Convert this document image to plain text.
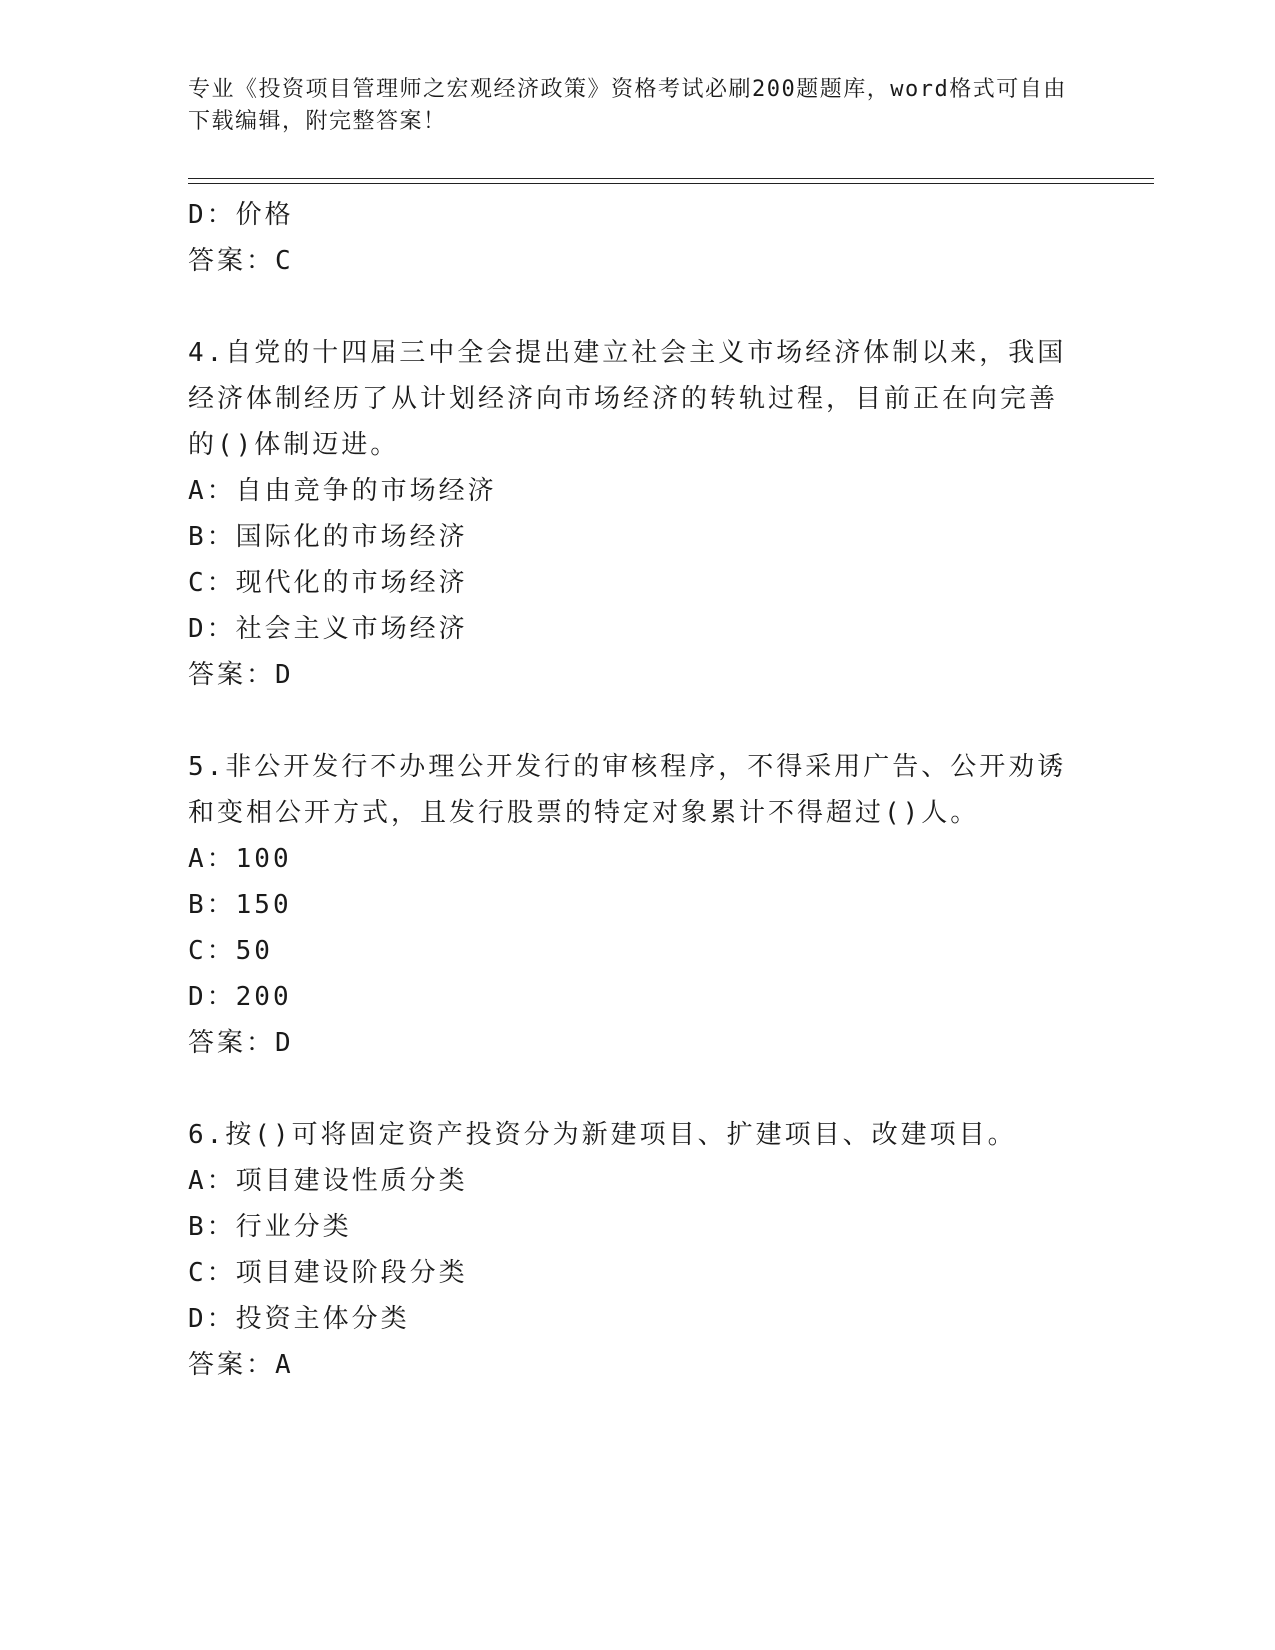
专业《投资项目管理师之宏观经济政策》资格考试必刷200题题库，word格式可自由下载编辑，附完整答案！
D：价格
答案：C
4.自党的十四届三中全会提出建立社会主义市场经济体制以来，我国经济体制经历了从计划经济向市场经济的转轨过程，目前正在向完善的()体制迈进。
A：自由竞争的市场经济
B：国际化的市场经济
C：现代化的市场经济
D：社会主义市场经济
答案：D
5.非公开发行不办理公开发行的审核程序，不得采用广告、公开劝诱和变相公开方式，且发行股票的特定对象累计不得超过()人。
A：100
B：150
C：50
D：200
答案：D
6.按()可将固定资产投资分为新建项目、扩建项目、改建项目。
A：项目建设性质分类
B：行业分类
C：项目建设阶段分类
D：投资主体分类
答案：A
